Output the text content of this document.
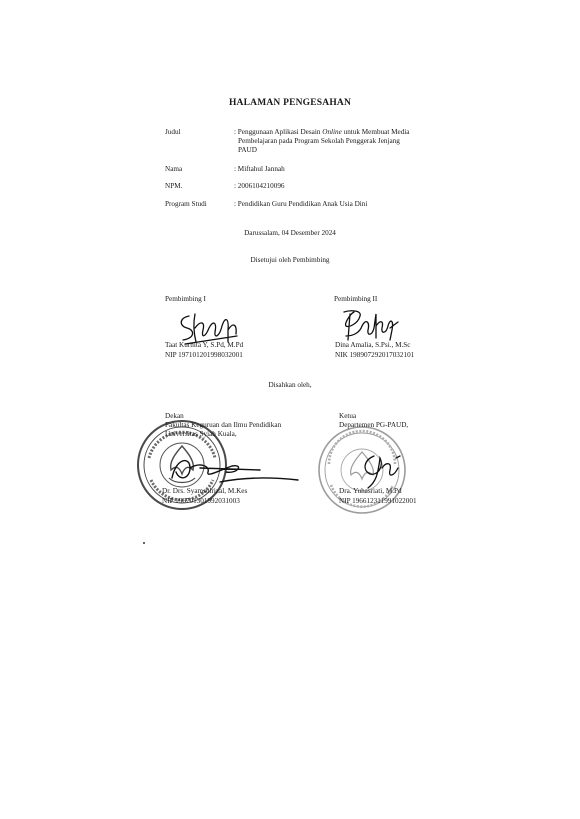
HALAMAN PENGESAHAN
Judul	: Penggunaan Aplikasi Desain Online untuk Membuat Media
Pembelajaran pada Program Sekolah Penggerak Jenjang
PAUD
Nama	: Miftahul Jannah
NPM.	: 2006104210096
Program Studi	: Pendidikan Guru Pendidikan Anak Usia Dini
Darussalam, 04 Desember 2024
Disetujui oleh Pembimbing
Pembimbing I	Pembimbing II
Taat Kurnita Y, S.Pd, M.Pd
NIP 197101201998032001
Dina Amalia, S.Psi., M.Sc
NIK 198907292017032101
Disahkan oleh,
Dekan
Fakultas Keguruan dan Ilmu Pendidikan
Universitas Syiah Kuala,
Dr. Drs. Syamsulrizal, M.Kes
NIP 196701301992031003
Ketua
Departemen PG-PAUD,
Dra. Yuhasriati, M.Pd
NIP 196612311991022001
